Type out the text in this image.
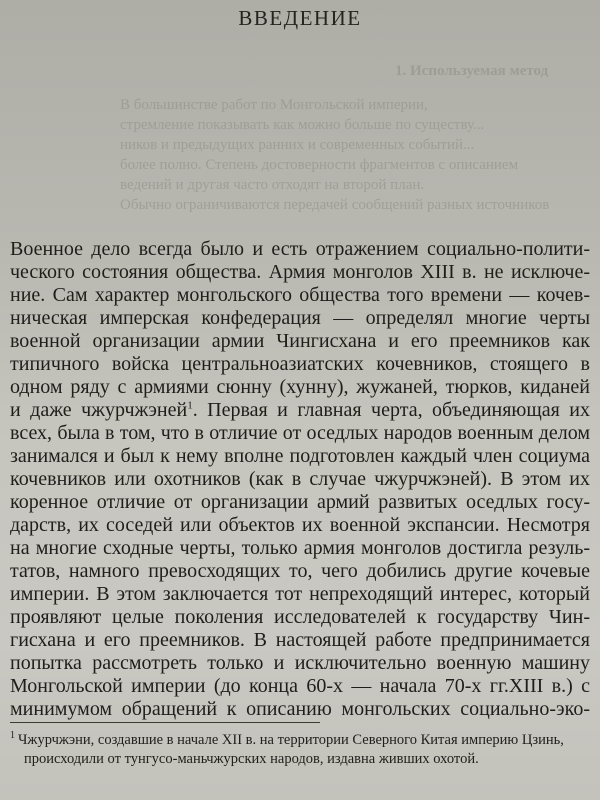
1. Используемая метод
В большинстве работ по Монгольской империи,
стремление показывать как можно больше по существу...
ников и предыдущих ранних и современных событий...
более полно. Степень достоверности фрагментов с описанием
ведений и другая часто отходят на второй план.
Обычно ограничиваются передачей сообщений разных источников
ВВЕДЕНИЕ
Военное дело всегда было и есть отражением социально-полити-
ческого состояния общества. Армия монголов XIII в. не исключе-
ние. Сам характер монгольского общества того времени — кочев-
ническая имперская конфедерация — определял многие черты
военной организации армии Чингисхана и его преемников как
типичного войска центральноазиатских кочевников, стоящего в
одном ряду с армиями сюнну (хунну), жужаней, тюрков, киданей
и даже чжурчжэней$^1$. Первая и главная черта, объединяющая их
всех, была в том, что в отличие от оседлых народов военным делом
занимался и был к нему вполне подготовлен каждый член социума
кочевников или охотников (как в случае чжурчжэней). В этом их
коренное отличие от организации армий развитых оседлых госу-
дарств, их соседей или объектов их военной экспансии. Несмотря
на многие сходные черты, только армия монголов достигла резуль-
татов, намного превосходящих то, чего добились другие кочевые
империи. В этом заключается тот непреходящий интерес, который
проявляют целые поколения исследователей к государству Чин-
гисхана и его преемников. В настоящей работе предпринимается
попытка рассмотреть только и исключительно военную машину
Монгольской империи (до конца 60-х — начала 70-х гг.XIII в.) с
минимумом обращений к описанию монгольских социально-эко-
$^1$ Чжурчжэни, создавшие в начале XII в. на территории Северного Китая империю Цзинь,
происходили от тунгусо-маньчжурских народов, издавна живших охотой.
